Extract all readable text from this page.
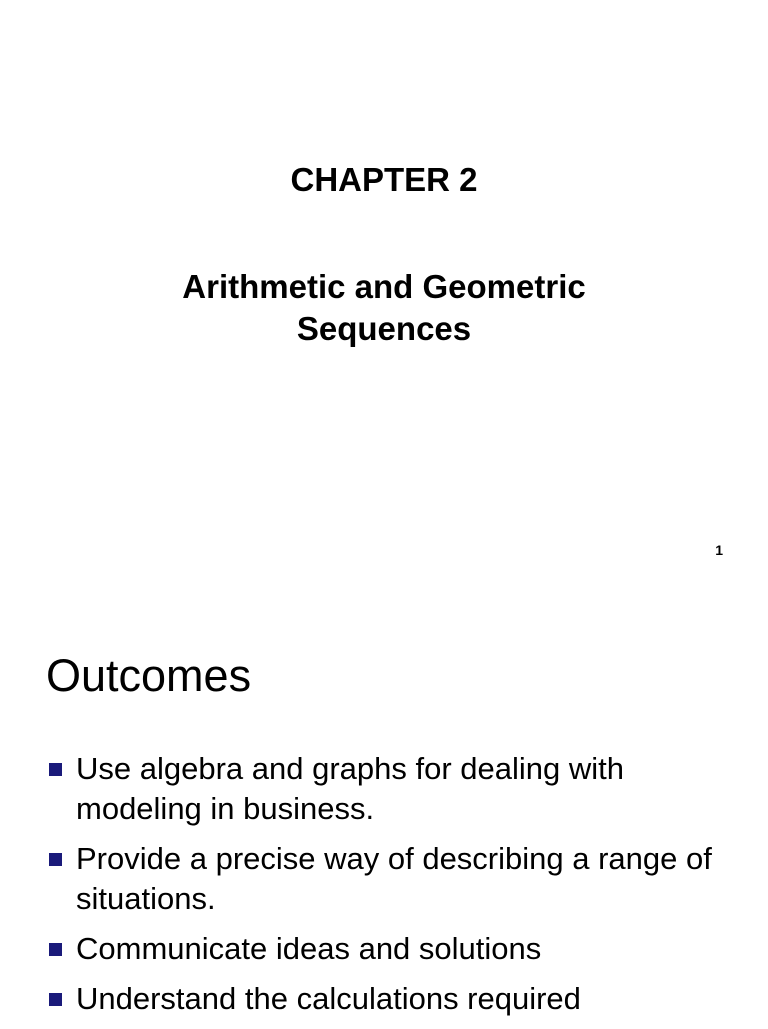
CHAPTER 2
Arithmetic and Geometric
Sequences
1
Outcomes
Use algebra and graphs for dealing with modeling in business.
Provide a precise way of describing a range of situations.
Communicate ideas and solutions
Understand the calculations required
